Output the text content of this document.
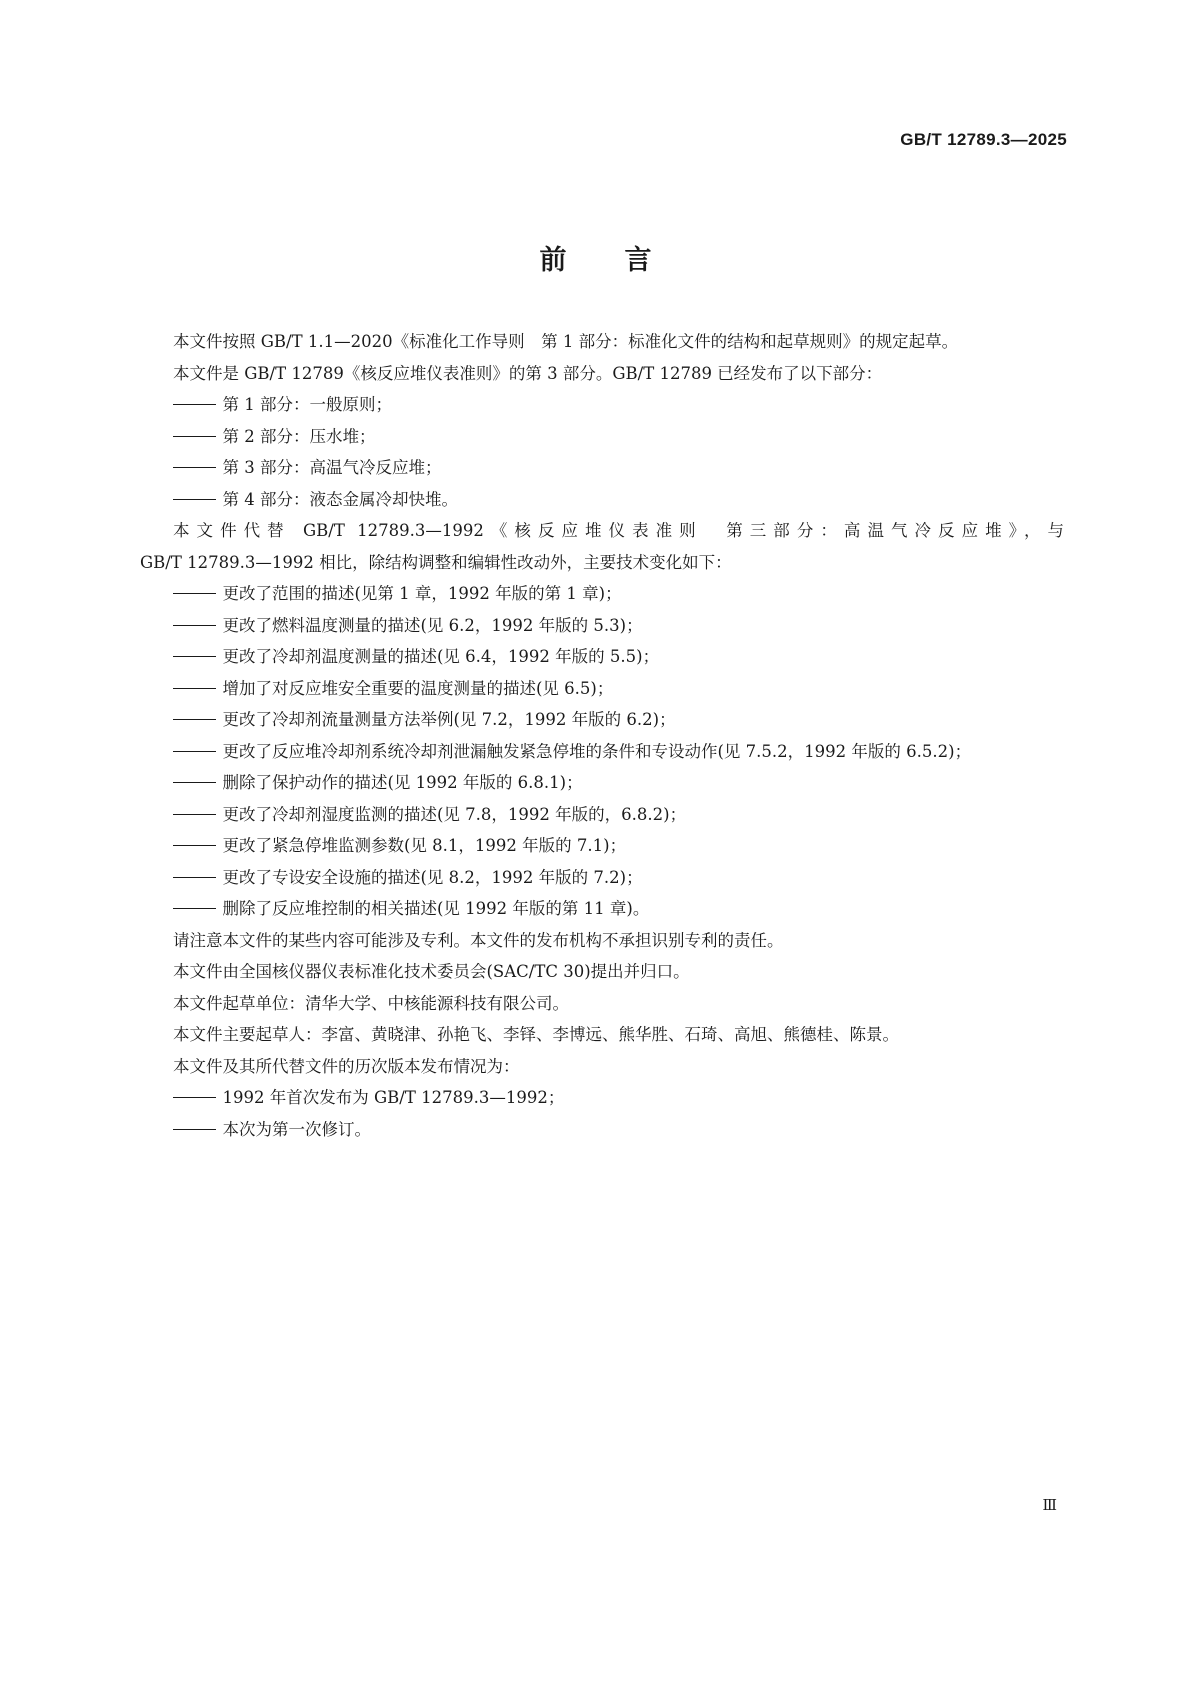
GB/T 12789.3—2025
前言

本文件按照 GB/T 1.1—2020《标准化工作导则　第 1 部分：标准化文件的结构和起草规则》的规定起草。

本文件是 GB/T 12789《核反应堆仪表准则》的第 3 部分。GB/T 12789 已经发布了以下部分：

第 1 部分：一般原则；
第 2 部分：压水堆；
第 3 部分：高温气冷反应堆；
第 4 部分：液态金属冷却快堆。

本文件代替 GB/T 12789.3—1992《核反应堆仪表准则　第三部分：高温气冷反应堆》，与

GB/T 12789.3—1992 相比，除结构调整和编辑性改动外，主要技术变化如下：

更改了范围的描述(见第 1 章，1992 年版的第 1 章)；
更改了燃料温度测量的描述(见 6.2，1992 年版的 5.3)；
更改了冷却剂温度测量的描述(见 6.4，1992 年版的 5.5)；
增加了对反应堆安全重要的温度测量的描述(见 6.5)；
更改了冷却剂流量测量方法举例(见 7.2，1992 年版的 6.2)；
更改了反应堆冷却剂系统冷却剂泄漏触发紧急停堆的条件和专设动作(见 7.5.2，1992 年版的 6.5.2)；
删除了保护动作的描述(见 1992 年版的 6.8.1)；
更改了冷却剂湿度监测的描述(见 7.8，1992 年版的，6.8.2)；
更改了紧急停堆监测参数(见 8.1，1992 年版的 7.1)；
更改了专设安全设施的描述(见 8.2，1992 年版的 7.2)；
删除了反应堆控制的相关描述(见 1992 年版的第 11 章)。

请注意本文件的某些内容可能涉及专利。本文件的发布机构不承担识别专利的责任。

本文件由全国核仪器仪表标准化技术委员会(SAC/TC 30)提出并归口。

本文件起草单位：清华大学、中核能源科技有限公司。

本文件主要起草人：李富、黄晓津、孙艳飞、李铎、李博远、熊华胜、石琦、高旭、熊德桂、陈景。

本文件及其所代替文件的历次版本发布情况为：

1992 年首次发布为 GB/T 12789.3—1992；
本次为第一次修订。
Ⅲ
